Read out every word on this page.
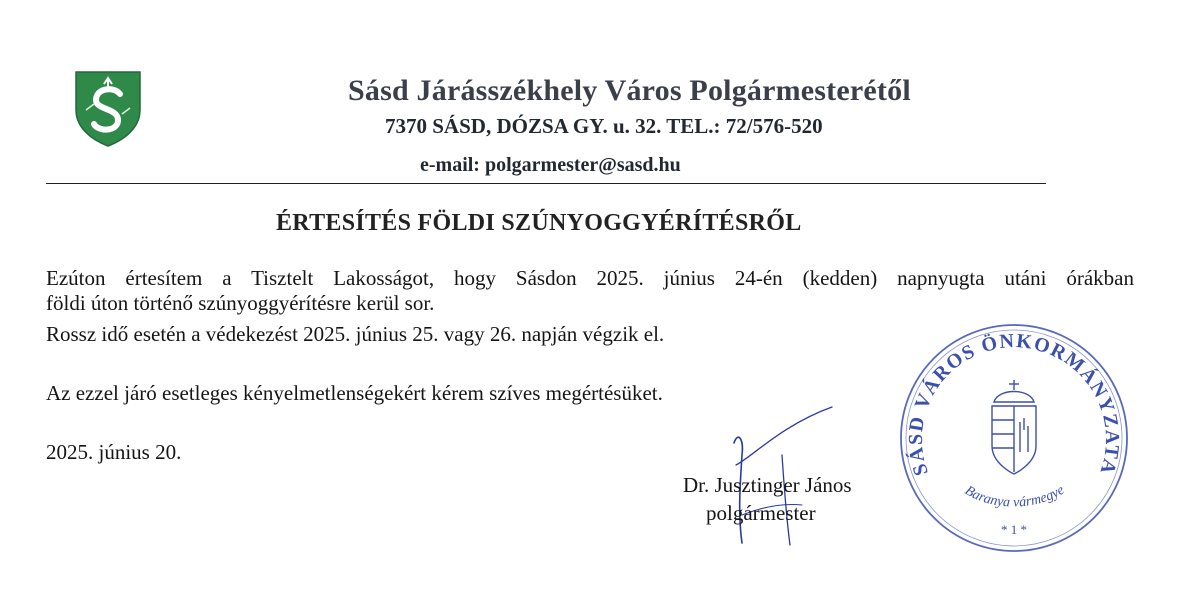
Sásd Járásszékhely Város Polgármesterétől
7370 SÁSD, DÓZSA GY. u. 32. TEL.: 72/576-520
e-mail: polgarmester@sasd.hu
ÉRTESÍTÉS FÖLDI SZÚNYOGGYÉRÍTÉSRŐL
Ezúton értesítem a Tisztelt Lakosságot, hogy Sásdon 2025. június 24-én (kedden) napnyugta utáni órákban
földi úton történő szúnyoggyérítésre kerül sor.
Rossz idő esetén a védekezést 2025. június 25. vagy 26. napján végzik el.
Az ezzel járó esetleges kényelmetlenségekért kérem szíves megértésüket.
2025. június 20.
Dr. Jusztinger János
polgármester
SÁSD VÁROS ÖNKORMÁNYZATA
Baranya vármegye
* 1 *
